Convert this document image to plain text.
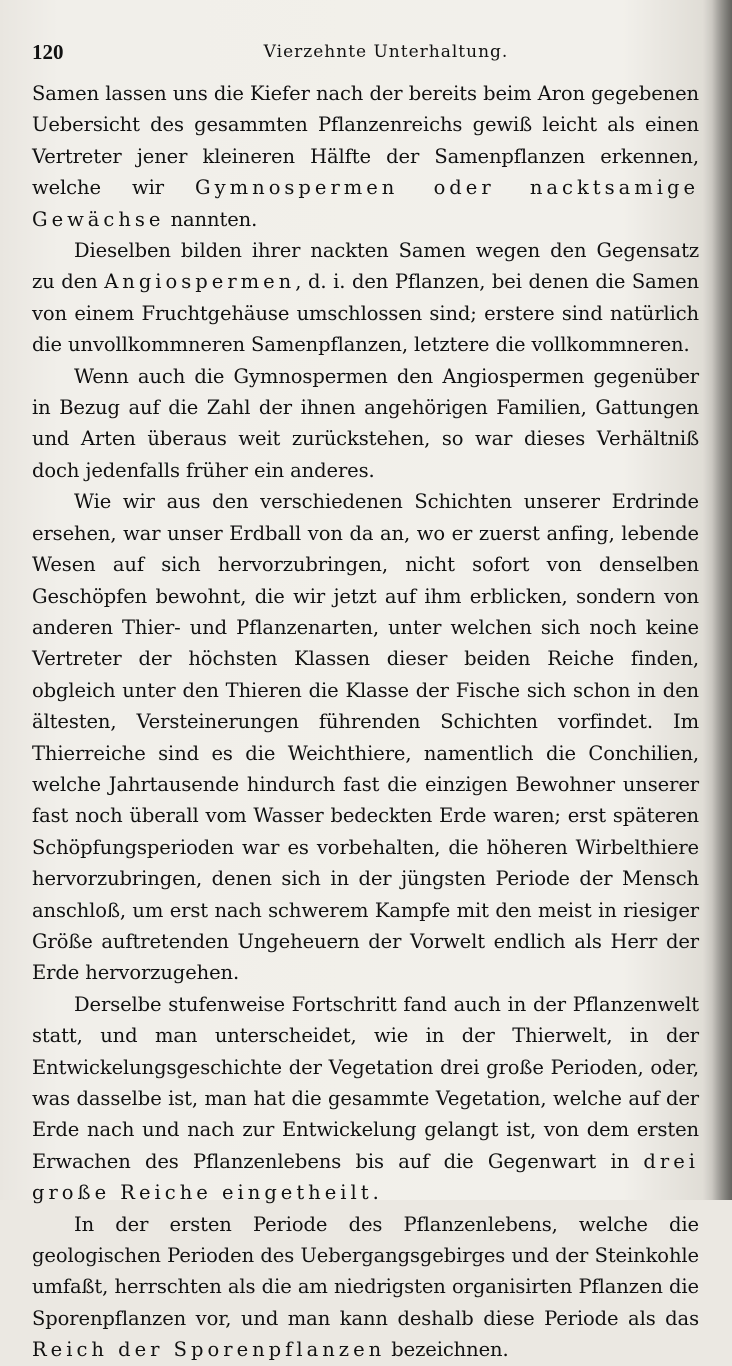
120	Vierzehnte Unterhaltung.

Samen lassen uns die Kiefer nach der bereits beim Aron gegebenen Uebersicht des gesammten Pflanzenreichs gewiß leicht als einen Vertreter jener kleineren Hälfte der Samenpflanzen erkennen, welche wir Gymnospermen oder nacktsamige Gewächse nannten.

Dieselben bilden ihrer nackten Samen wegen den Gegensatz zu den Angiospermen, d. i. den Pflanzen, bei denen die Samen von einem Fruchtgehäuse umschlossen sind; erstere sind natürlich die unvollkommneren Samenpflanzen, letztere die vollkommneren.

Wenn auch die Gymnospermen den Angiospermen gegenüber in Bezug auf die Zahl der ihnen angehörigen Familien, Gattungen und Arten überaus weit zurückstehen, so war dieses Verhältniß doch jedenfalls früher ein anderes.

Wie wir aus den verschiedenen Schichten unserer Erdrinde ersehen, war unser Erdball von da an, wo er zuerst anfing, lebende Wesen auf sich hervorzubringen, nicht sofort von denselben Geschöpfen bewohnt, die wir jetzt auf ihm erblicken, sondern von anderen Thier- und Pflanzenarten, unter welchen sich noch keine Vertreter der höchsten Klassen dieser beiden Reiche finden, obgleich unter den Thieren die Klasse der Fische sich schon in den ältesten, Versteinerungen führenden Schichten vorfindet. Im Thierreiche sind es die Weichthiere, namentlich die Conchilien, welche Jahrtausende hindurch fast die einzigen Bewohner unserer fast noch überall vom Wasser bedeckten Erde waren; erst späteren Schöpfungsperioden war es vorbehalten, die höheren Wirbelthiere hervorzubringen, denen sich in der jüngsten Periode der Mensch anschloß, um erst nach schwerem Kampfe mit den meist in riesiger Größe auftretenden Ungeheuern der Vorwelt endlich als Herr der Erde hervorzugehen.

Derselbe stufenweise Fortschritt fand auch in der Pflanzenwelt statt, und man unterscheidet, wie in der Thierwelt, in der Entwickelungsgeschichte der Vegetation drei große Perioden, oder, was dasselbe ist, man hat die gesammte Vegetation, welche auf der Erde nach und nach zur Entwickelung gelangt ist, von dem ersten Erwachen des Pflanzenlebens bis auf die Gegenwart in drei große Reiche eingetheilt.

In der ersten Periode des Pflanzenlebens, welche die geologischen Perioden des Uebergangsgebirges und der Steinkohle umfaßt, herrschten als die am niedrigsten organisirten Pflanzen die Sporenpflanzen vor, und man kann deshalb diese Periode als das Reich der Sporenpflanzen bezeichnen.
